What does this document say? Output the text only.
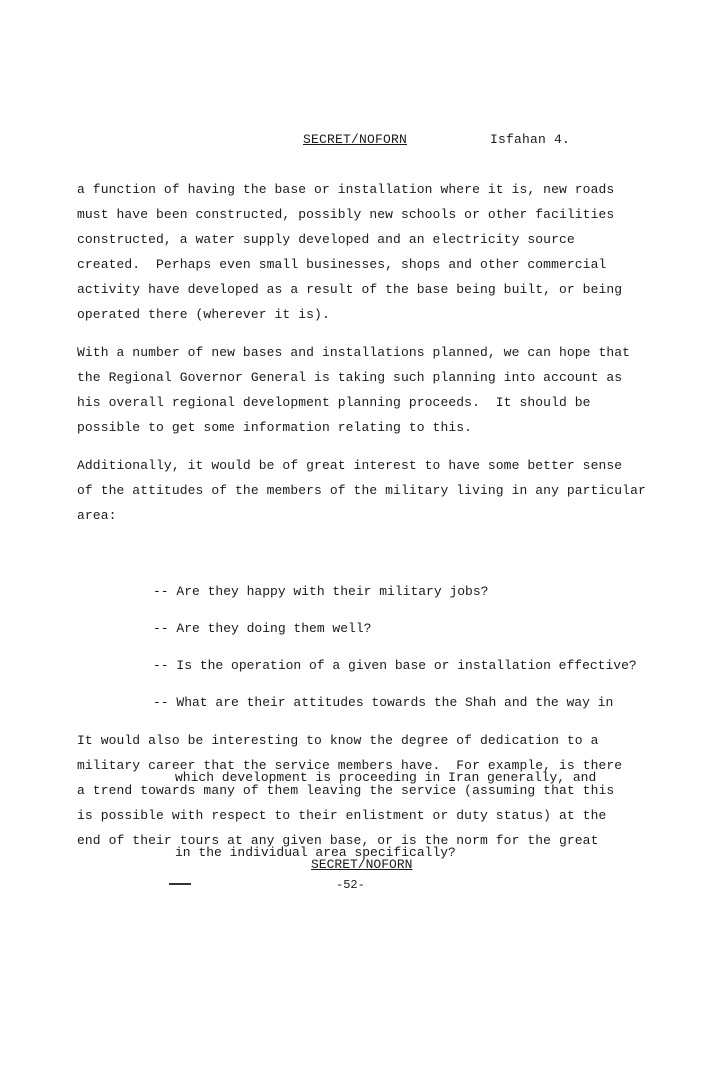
SECRET/NOFORN	Isfahan 4.
a function of having the base or installation where it is, new roads
must have been constructed, possibly new schools or other facilities
constructed, a water supply developed and an electricity source
created.  Perhaps even small businesses, shops and other commercial
activity have developed as a result of the base being built, or being
operated there (wherever it is).
With a number of new bases and installations planned, we can hope that
the Regional Governor General is taking such planning into account as
his overall regional development planning proceeds.  It should be
possible to get some information relating to this.
Additionally, it would be of great interest to have some better sense
of the attitudes of the members of the military living in any particular
area:

-- Are they happy with their military jobs?

-- Are they doing them well?

-- Is the operation of a given base or installation effective?

-- What are their attitudes towards the Shah and the way in

which development is proceeding in Iran generally, and

in the individual area specifically?

It would also be interesting to know the degree of dedication to a
military career that the service members have.  For example, is there
a trend towards many of them leaving the service (assuming that this
is possible with respect to their enlistment or duty status) at the
end of their tours at any given base, or is the norm for the great
SECRET/NOFORN
-52-
